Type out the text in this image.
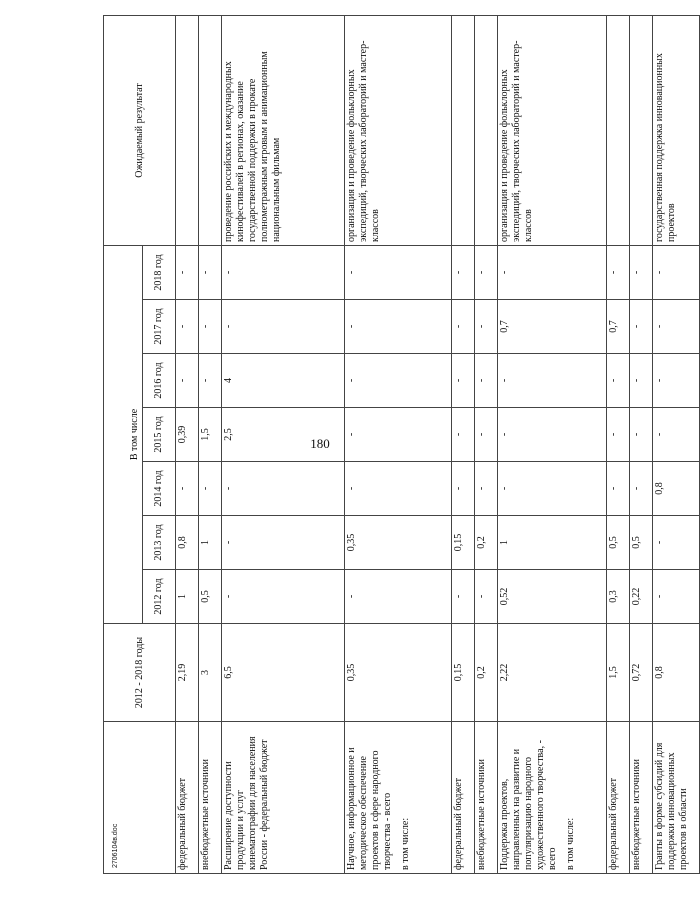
180
	2012 - 2018 годы								Ожидаемый результат
		В том числе							
		2012 год	2013 год	2014 год	2015 год	2016 год	2017 год	2018 год	
федеральный бюджет	2,19	1	0,8	-	0,39	-	-	-	
внебюджетные источники	3	0,5	1	-	1,5	-	-	-	
Расширение доступности продукции и услуг кинематографии для населения России - федеральный бюджет	6,5	-	-	-	2,5	4	-	-	проведение российских и международных кинофестивалей в регионах, оказание государственной поддержки в прокате полнометражным игровым и анимационным национальным фильмам
Научное, информационное и методическое обеспечение проектов в сфере народного творчества - всего в том числе:	0,35	-	0,35	-	-	-	-	-	организация и проведение фольклорных экспедиций, творческих лабораторий и мастер-классов
федеральный бюджет	0,15	-	0,15	-	-	-	-	-	
внебюджетные источники	0,2	-	0,2	-	-	-	-	-	
Поддержка проектов, направленных на развитие и популяризацию народного художественного творчества, - всего в том числе:	2,22	0,52	1	-	-	-	0,7	-	организация и проведение фольклорных экспедиций, творческих лабораторий и мастер-классов
федеральный бюджет	1,5	0,3	0,5	-	-	-	0,7	-	
внебюджетные источники	0,72	0,22	0,5	-	-	-	-	-	
Гранты в форме субсидий для поддержки инновационных проектов в области	0,8	-	-	0,8	-	-	-	-	государственная поддержка инновационных проектов
2706104в.doc
